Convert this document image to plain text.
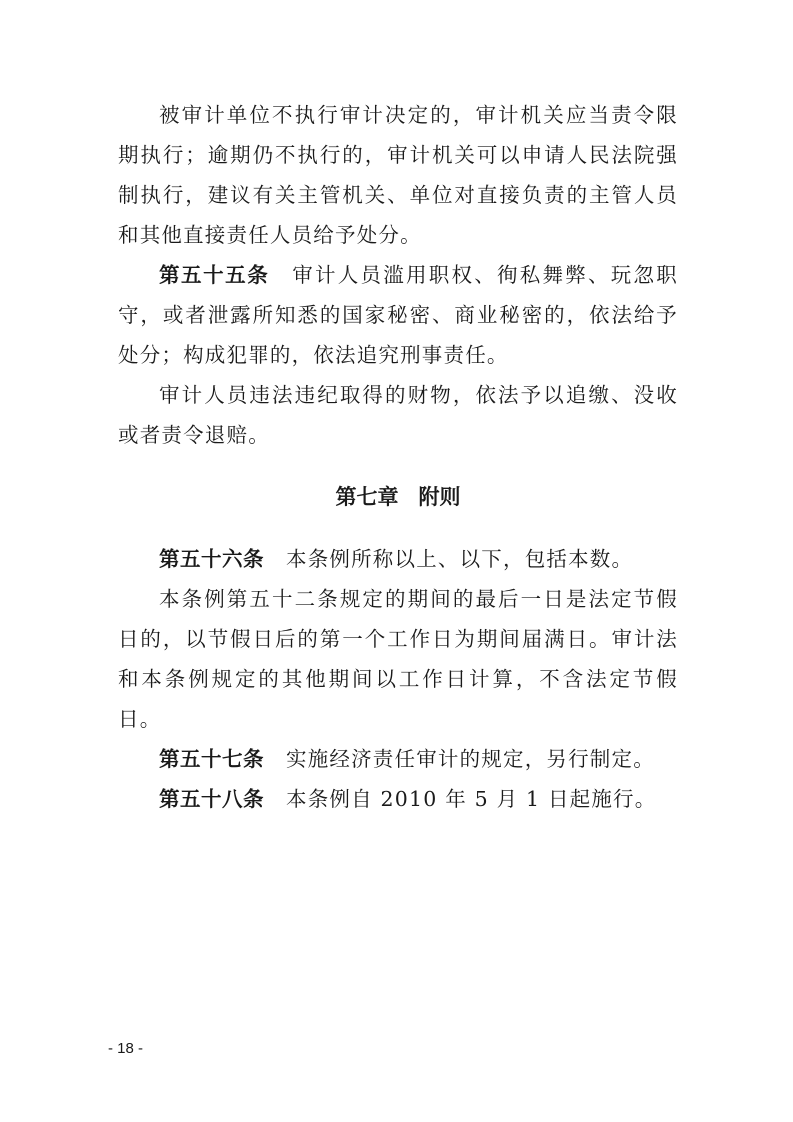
被审计单位不执行审计决定的，审计机关应当责令限期执行；逾期仍不执行的，审计机关可以申请人民法院强制执行，建议有关主管机关、单位对直接负责的主管人员和其他直接责任人员给予处分。

第五十五条 审计人员滥用职权、徇私舞弊、玩忽职守，或者泄露所知悉的国家秘密、商业秘密的，依法给予处分；构成犯罪的，依法追究刑事责任。

审计人员违法违纪取得的财物，依法予以追缴、没收或者责令退赔。

第七章 附则

第五十六条 本条例所称以上、以下，包括本数。

本条例第五十二条规定的期间的最后一日是法定节假日的，以节假日后的第一个工作日为期间届满日。审计法和本条例规定的其他期间以工作日计算，不含法定节假日。

第五十七条 实施经济责任审计的规定，另行制定。

第五十八条 本条例自 2010 年 5 月 1 日起施行。

- 18 -
